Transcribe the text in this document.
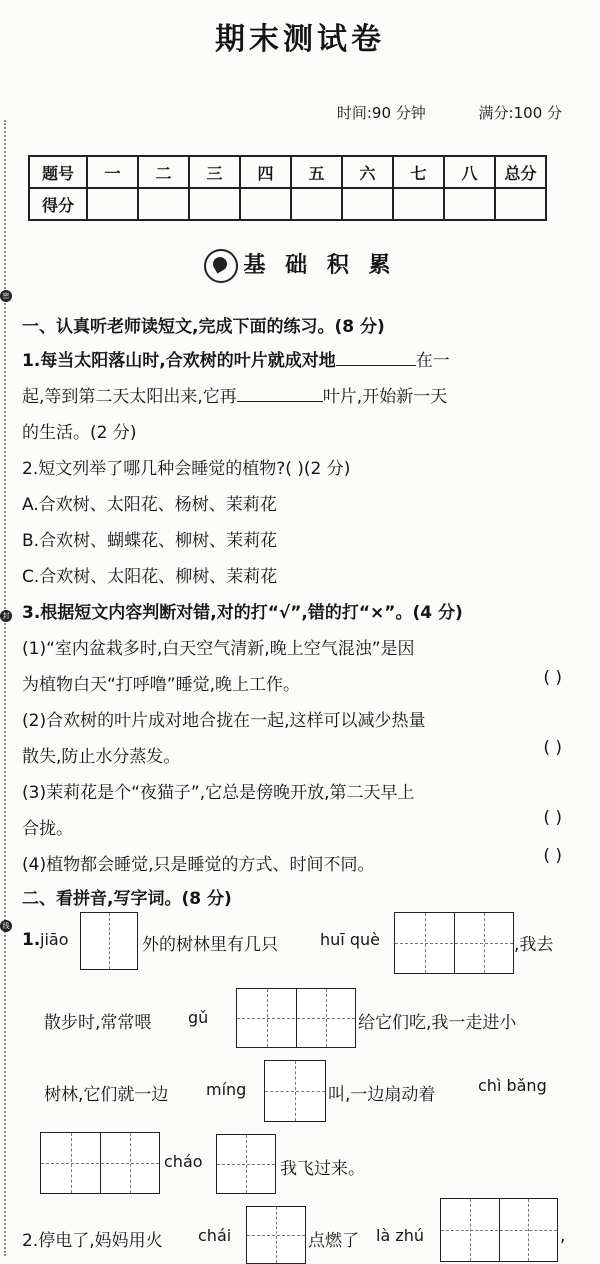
密
封
线
期末测试卷
时间:90 分钟	满分:100 分
题号	一	二	三	四	五	六	七	八	总分
得分									
基 础 积 累
一、认真听老师读短文,完成下面的练习。(8 分)
1.每当太阳落山时,合欢树的叶片就成对地	在一
起,等到第二天太阳出来,它再	叶片,开始新一天
的生活。(2 分)
2.短文列举了哪几种会睡觉的植物?( )(2 分)
A.合欢树、太阳花、杨树、茉莉花
B.合欢树、蝴蝶花、柳树、茉莉花
C.合欢树、太阳花、柳树、茉莉花
3.根据短文内容判断对错,对的打“√”,错的打“×”。(4 分)
(1)“室内盆栽多时,白天空气清新,晚上空气混浊”是因
为植物白天“打呼噜”睡觉,晚上工作。	( )
(2)合欢树的叶片成对地合拢在一起,这样可以减少热量
散失,防止水分蒸发。	( )
(3)茉莉花是个“夜猫子”,它总是傍晚开放,第二天早上
合拢。
( )
(4)植物都会睡觉,只是睡觉的方式、时间不同。	( )
二、看拼音,写字词。(8 分)
1. jiāo	外的树林里有几只	huī què	,我去
散步时,常常喂 gǔ	给它们吃,我一走进小
树林,它们就一边 míng	叫,一边扇动着	chì bǎng
cháo	我飞过来。
2.停电了,妈妈用火 chái	点燃了 là zhú	,
